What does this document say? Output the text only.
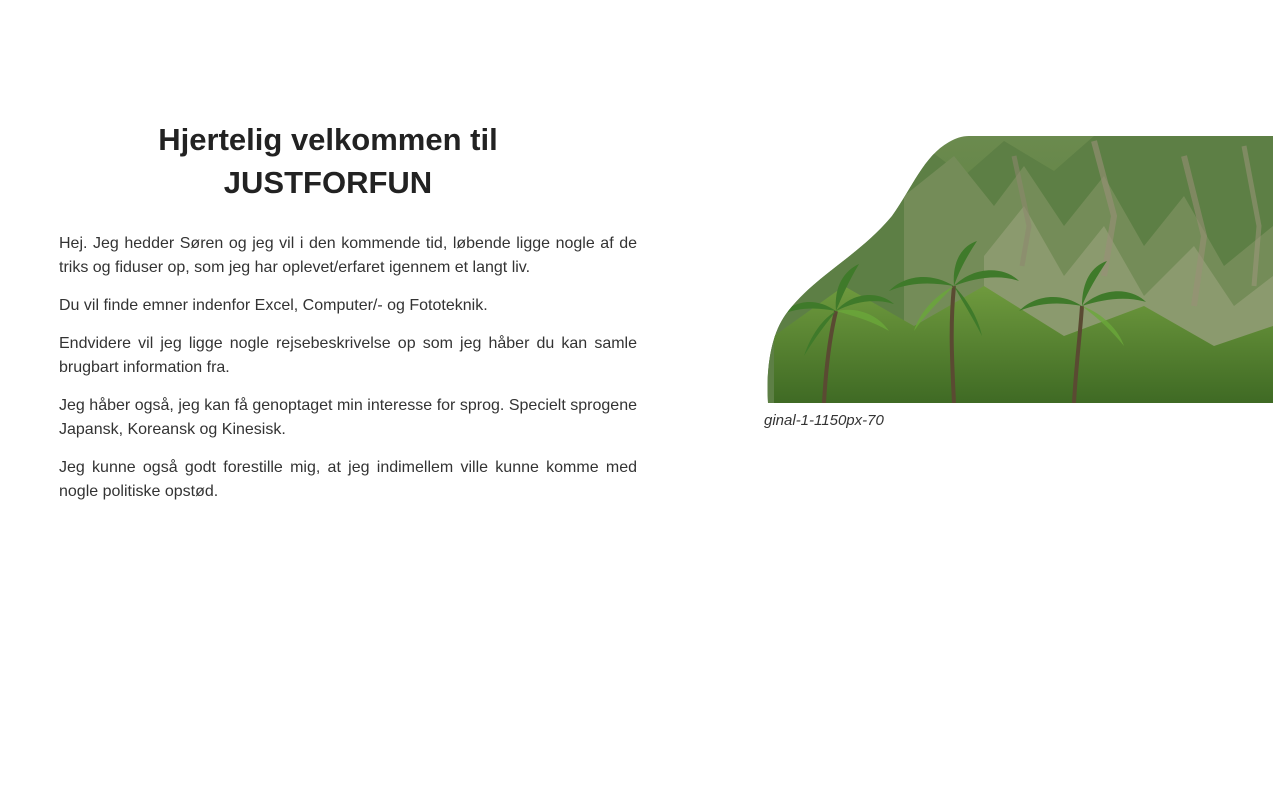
Hjertelig velkommen til
JUSTFORFUN

Hej. Jeg hedder Søren og jeg vil i den kommende tid, løbende ligge nogle af de triks og fiduser op, som jeg har oplevet/erfaret igennem et langt liv.

Du vil finde emner indenfor Excel, Computer/- og Fototeknik.

Endvidere vil jeg ligge nogle rejsebeskrivelse op som jeg håber du kan samle brugbart information fra.

Jeg håber også, jeg kan få genoptaget min interesse for sprog. Specielt sprogene Japansk, Koreansk og Kinesisk.

Jeg kunne også godt forestille mig, at jeg indimellem ville kunne komme med nogle politiske opstød.

ginal-1-1150px-70
